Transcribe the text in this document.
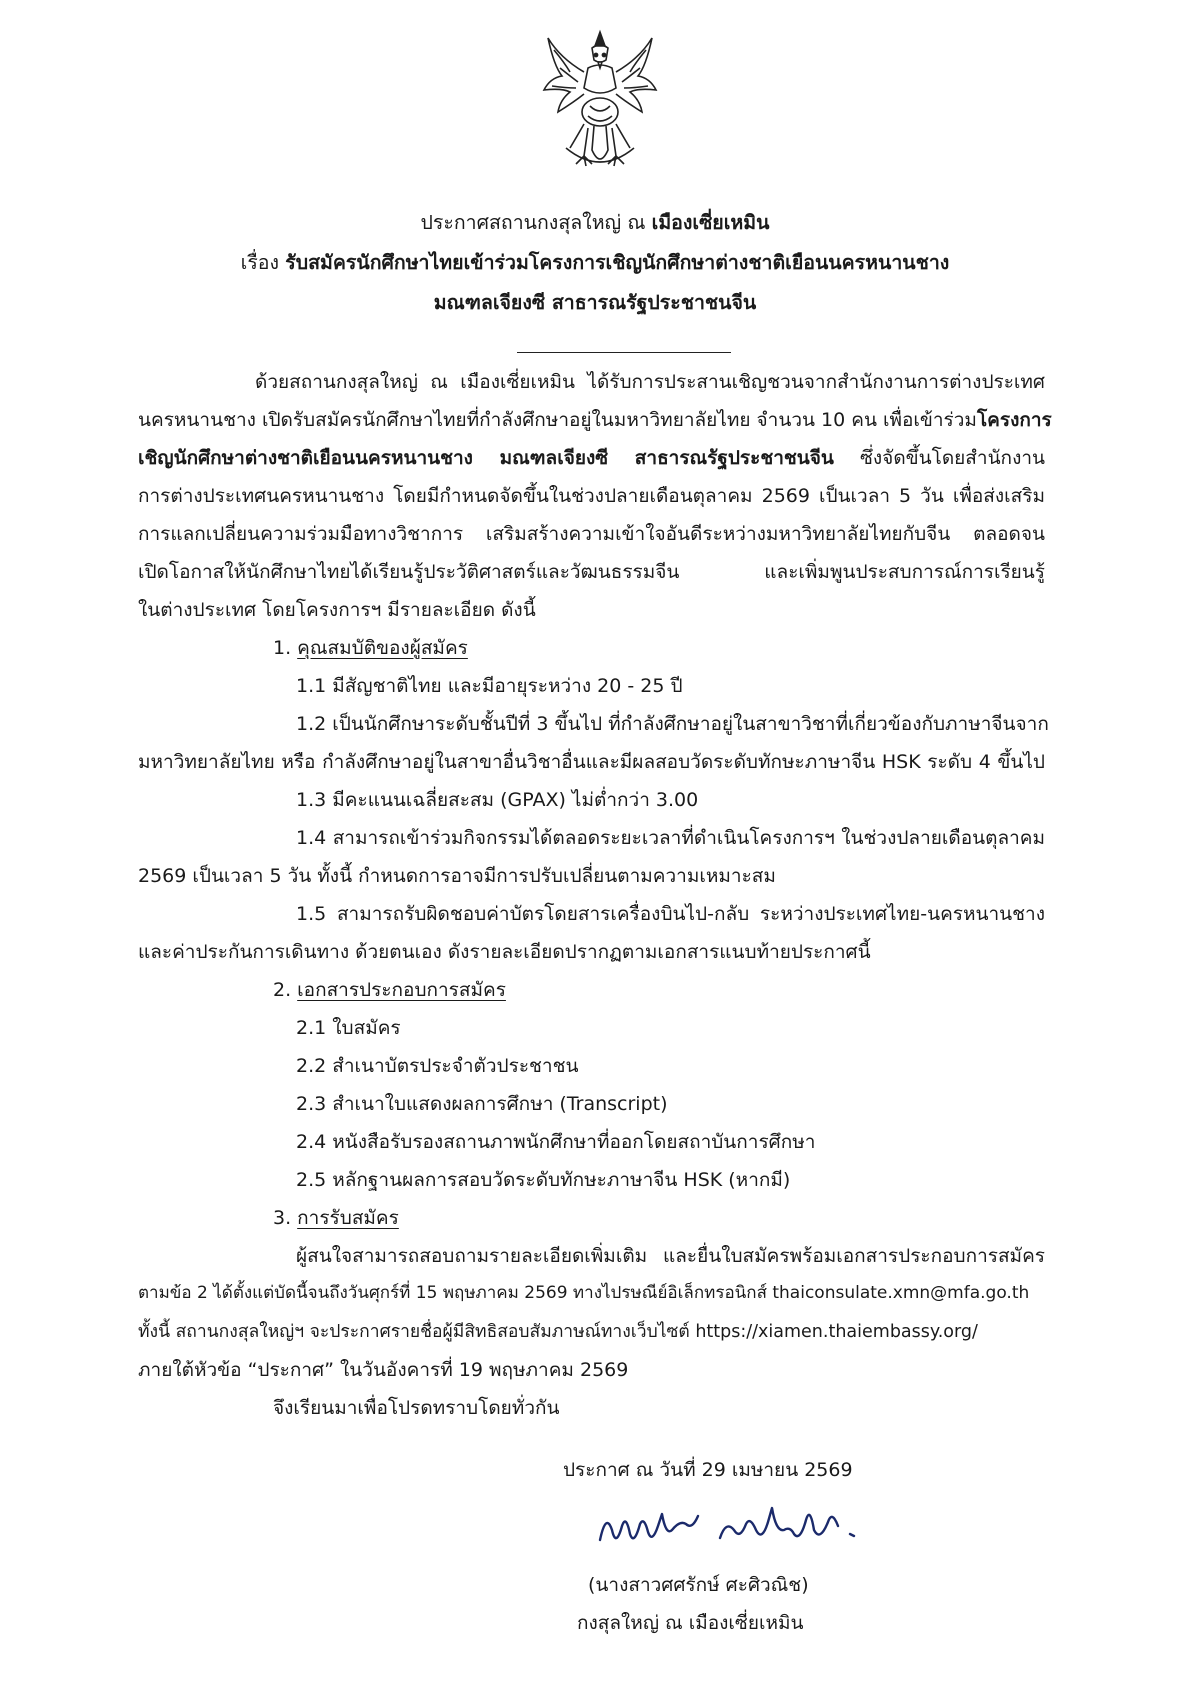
ประกาศสถานกงสุลใหญ่ ณ เมืองเซี่ยเหมิน
เรื่อง รับสมัครนักศึกษาไทยเข้าร่วมโครงการเชิญนักศึกษาต่างชาติเยือนนครหนานชาง
มณฑลเจียงซี สาธารณรัฐประชาชนจีน
ด้วยสถานกงสุลใหญ่ ณ เมืองเซี่ยเหมิน ได้รับการประสานเชิญชวนจากสำนักงานการต่างประเทศ
นครหนานชาง เปิดรับสมัครนักศึกษาไทยที่กำลังศึกษาอยู่ในมหาวิทยาลัยไทย จำนวน 10 คน เพื่อเข้าร่วมโครงการ
เชิญนักศึกษาต่างชาติเยือนนครหนานชาง มณฑลเจียงซี สาธารณรัฐประชาชนจีน ซึ่งจัดขึ้นโดยสำนักงาน
การต่างประเทศนครหนานชาง โดยมีกำหนดจัดขึ้นในช่วงปลายเดือนตุลาคม 2569 เป็นเวลา 5 วัน เพื่อส่งเสริม
การแลกเปลี่ยนความร่วมมือทางวิชาการ เสริมสร้างความเข้าใจอันดีระหว่างมหาวิทยาลัยไทยกับจีน ตลอดจน
เปิดโอกาสให้นักศึกษาไทยได้เรียนรู้ประวัติศาสตร์และวัฒนธรรมจีน และเพิ่มพูนประสบการณ์การเรียนรู้
ในต่างประเทศ โดยโครงการฯ มีรายละเอียด ดังนี้
1. คุณสมบัติของผู้สมัคร
1.1 มีสัญชาติไทย และมีอายุระหว่าง 20 - 25 ปี
1.2 เป็นนักศึกษาระดับชั้นปีที่ 3 ขึ้นไป ที่กำลังศึกษาอยู่ในสาขาวิชาที่เกี่ยวข้องกับภาษาจีนจาก
มหาวิทยาลัยไทย หรือ กำลังศึกษาอยู่ในสาขาอื่นวิชาอื่นและมีผลสอบวัดระดับทักษะภาษาจีน HSK ระดับ 4 ขึ้นไป
1.3 มีคะแนนเฉลี่ยสะสม (GPAX) ไม่ต่ำกว่า 3.00
1.4 สามารถเข้าร่วมกิจกรรมได้ตลอดระยะเวลาที่ดำเนินโครงการฯ ในช่วงปลายเดือนตุลาคม
2569 เป็นเวลา 5 วัน ทั้งนี้ กำหนดการอาจมีการปรับเปลี่ยนตามความเหมาะสม
1.5 สามารถรับผิดชอบค่าบัตรโดยสารเครื่องบินไป-กลับ ระหว่างประเทศไทย-นครหนานชาง
และค่าประกันการเดินทาง ด้วยตนเอง ดังรายละเอียดปรากฏตามเอกสารแนบท้ายประกาศนี้
2. เอกสารประกอบการสมัคร
2.1 ใบสมัคร
2.2 สำเนาบัตรประจำตัวประชาชน
2.3 สำเนาใบแสดงผลการศึกษา (Transcript)
2.4 หนังสือรับรองสถานภาพนักศึกษาที่ออกโดยสถาบันการศึกษา
2.5 หลักฐานผลการสอบวัดระดับทักษะภาษาจีน HSK (หากมี)
3. การรับสมัคร
ผู้สนใจสามารถสอบถามรายละเอียดเพิ่มเติม และยื่นใบสมัครพร้อมเอกสารประกอบการสมัคร
ตามข้อ 2 ได้ตั้งแต่บัดนี้จนถึงวันศุกร์ที่ 15 พฤษภาคม 2569 ทางไปรษณีย์อิเล็กทรอนิกส์ thaiconsulate.xmn@mfa.go.th
ทั้งนี้ สถานกงสุลใหญ่ฯ จะประกาศรายชื่อผู้มีสิทธิสอบสัมภาษณ์ทางเว็บไซต์ https://xiamen.thaiembassy.org/
ภายใต้หัวข้อ “ประกาศ” ในวันอังคารที่ 19 พฤษภาคม 2569
จึงเรียนมาเพื่อโปรดทราบโดยทั่วกัน
ประกาศ ณ วันที่ 29 เมษายน 2569
(นางสาวศศรักษ์ ศะศิวณิช)
กงสุลใหญ่ ณ เมืองเซี่ยเหมิน
